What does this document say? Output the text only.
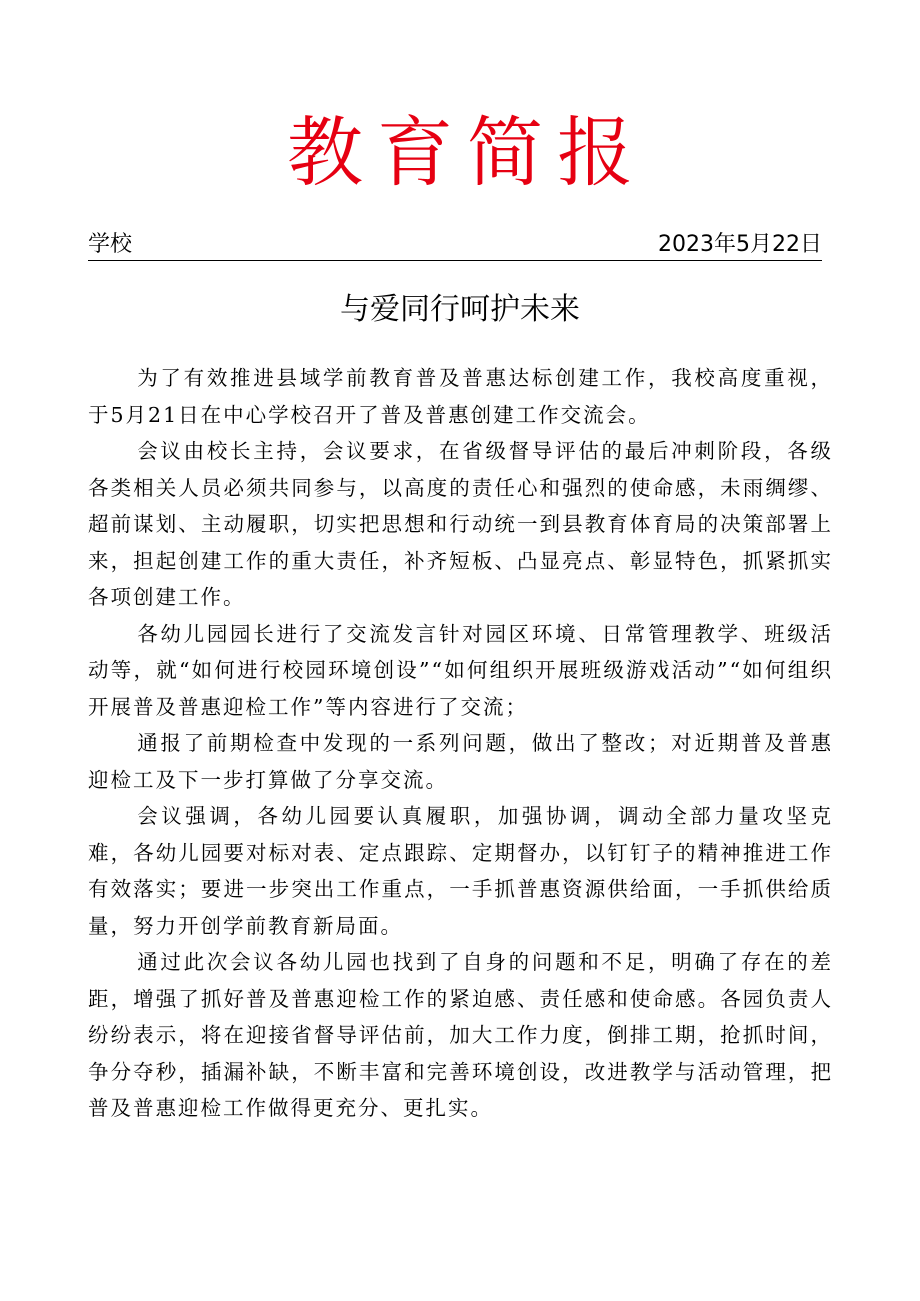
教育简报
学校	2023年5月22日
与爱同行呵护未来

为了有效推进县域学前教育普及普惠达标创建工作，我校高度重视，于5月21日在中心学校召开了普及普惠创建工作交流会。

会议由校长主持，会议要求，在省级督导评估的最后冲刺阶段，各级各类相关人员必须共同参与，以高度的责任心和强烈的使命感，未雨绸缪、超前谋划、主动履职，切实把思想和行动统一到县教育体育局的决策部署上来，担起创建工作的重大责任，补齐短板、凸显亮点、彰显特色，抓紧抓实各项创建工作。

各幼儿园园长进行了交流发言针对园区环境、日常管理教学、班级活动等，就“如何进行校园环境创设”“如何组织开展班级游戏活动”“如何组织开展普及普惠迎检工作”等内容进行了交流；

通报了前期检查中发现的一系列问题，做出了整改；对近期普及普惠迎检工及下一步打算做了分享交流。

会议强调，各幼儿园要认真履职，加强协调，调动全部力量攻坚克难，各幼儿园要对标对表、定点跟踪、定期督办，以钉钉子的精神推进工作有效落实；要进一步突出工作重点，一手抓普惠资源供给面，一手抓供给质量，努力开创学前教育新局面。

通过此次会议各幼儿园也找到了自身的问题和不足，明确了存在的差距，增强了抓好普及普惠迎检工作的紧迫感、责任感和使命感。各园负责人纷纷表示，将在迎接省督导评估前，加大工作力度，倒排工期，抢抓时间，争分夺秒，插漏补缺，不断丰富和完善环境创设，改进教学与活动管理，把普及普惠迎检工作做得更充分、更扎实。
